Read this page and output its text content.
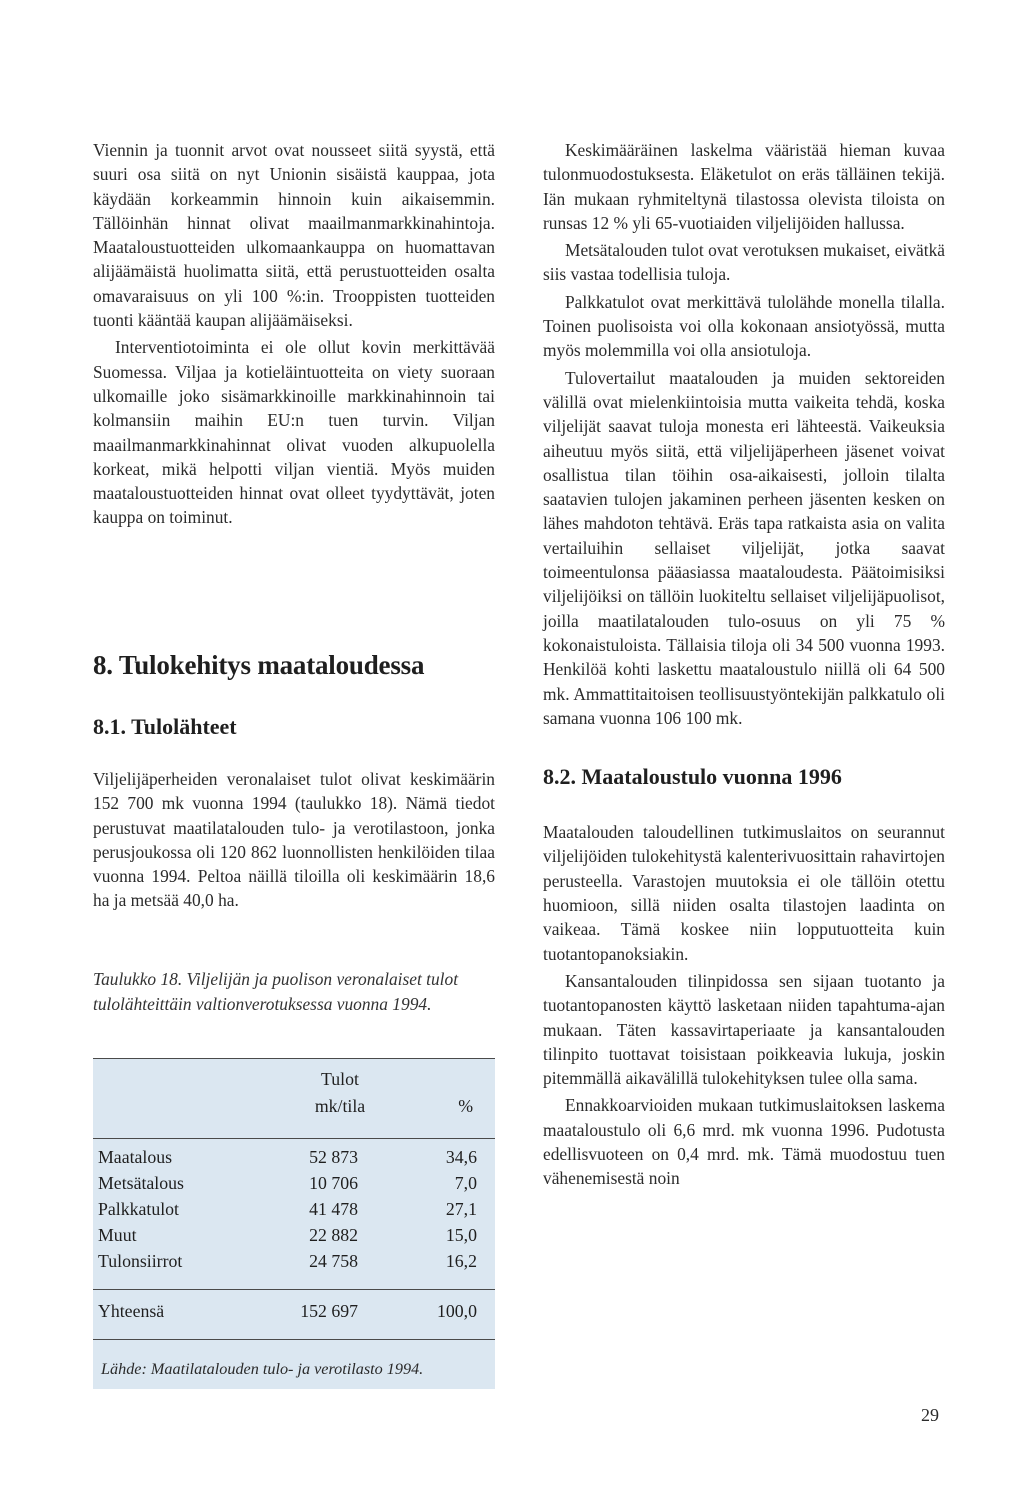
Viennin ja tuonnit arvot ovat nousseet siitä syystä, että suuri osa siitä on nyt Unionin sisäistä kauppaa, jota käydään korkeammin hinnoin kuin aikaisemmin. Tällöinhän hinnat olivat maailmanmarkkinahintoja. Maataloustuotteiden ulkomaankauppa on huomattavan alijäämäistä huolimatta siitä, että perustuotteiden osalta omavaraisuus on yli 100 %:in. Trooppisten tuotteiden tuonti kääntää kaupan alijäämäiseksi.

Interventiotoiminta ei ole ollut kovin merkittävää Suomessa. Viljaa ja kotieläintuotteita on viety suoraan ulkomaille joko sisämarkkinoille markkinahinnoin tai kolmansiin maihin EU:n tuen turvin. Viljan maailmanmarkkinahinnat olivat vuoden alkupuolella korkeat, mikä helpotti viljan vientiä. Myös muiden maataloustuotteiden hinnat ovat olleet tyydyttävät, joten kauppa on toiminut.

8. Tulokehitys maataloudessa
8.1. Tulolähteet

Viljelijäperheiden veronalaiset tulot olivat keskimäärin 152 700 mk vuonna 1994 (taulukko 18). Nämä tiedot perustuvat maatilatalouden tulo- ja verotilastoon, jonka perusjoukossa oli 120 862 luonnollisten henkilöiden tilaa vuonna 1994. Peltoa näillä tiloilla oli keskimäärin 18,6 ha ja metsää 40,0 ha.

Taulukko 18. Viljelijän ja puolison veronalaiset tulot tulolähteittäin valtionverotuksessa vuonna 1994.

Tulot
mk/tila	%
Maatalous	52 873	34,6
Metsätalous	10 706	7,0
Palkkatulot	41 478	27,1
Muut	22 882	15,0
Tulonsiirrot	24 758	16,2
Yhteensä	152 697	100,0
Lähde: Maatilatalouden tulo- ja verotilasto 1994.

Keskimääräinen laskelma vääristää hieman kuvaa tulonmuodostuksesta. Eläketulot on eräs tälläinen tekijä. Iän mukaan ryhmiteltynä tilastossa olevista tiloista on runsas 12 % yli 65-vuotiaiden viljelijöiden hallussa.

Metsätalouden tulot ovat verotuksen mukaiset, eivätkä siis vastaa todellisia tuloja.

Palkkatulot ovat merkittävä tulolähde monella tilalla. Toinen puolisoista voi olla kokonaan ansiotyössä, mutta myös molemmilla voi olla ansiotuloja.

Tulovertailut maatalouden ja muiden sektoreiden välillä ovat mielenkiintoisia mutta vaikeita tehdä, koska viljelijät saavat tuloja monesta eri lähteestä. Vaikeuksia aiheutuu myös siitä, että viljelijäperheen jäsenet voivat osallistua tilan töihin osa-aikaisesti, jolloin tilalta saatavien tulojen jakaminen perheen jäsenten kesken on lähes mahdoton tehtävä. Eräs tapa ratkaista asia on valita vertailuihin sellaiset viljelijät, jotka saavat toimeentulonsa pääasiassa maataloudesta. Päätoimisiksi viljelijöiksi on tällöin luokiteltu sellaiset viljelijäpuolisot, joilla maatilatalouden tulo-osuus on yli 75 % kokonaistuloista. Tällaisia tiloja oli 34 500 vuonna 1993. Henkilöä kohti laskettu maataloustulo niillä oli 64 500 mk. Ammattitaitoisen teollisuustyöntekijän palkkatulo oli samana vuonna 106 100 mk.

8.2. Maataloustulo vuonna 1996

Maatalouden taloudellinen tutkimuslaitos on seurannut viljelijöiden tulokehitystä kalenterivuosittain rahavirtojen perusteella. Varastojen muutoksia ei ole tällöin otettu huomioon, sillä niiden osalta tilastojen laadinta on vaikeaa. Tämä koskee niin lopputuotteita kuin tuotantopanoksiakin.

Kansantalouden tilinpidossa sen sijaan tuotanto ja tuotantopanosten käyttö lasketaan niiden tapahtuma-ajan mukaan. Täten kassavirtaperiaate ja kansantalouden tilinpito tuottavat toisistaan poikkeavia lukuja, joskin pitemmällä aikavälillä tulokehityksen tulee olla sama.

Ennakkoarvioiden mukaan tutkimuslaitoksen laskema maataloustulo oli 6,6 mrd. mk vuonna 1996. Pudotusta edellisvuoteen on 0,4 mrd. mk. Tämä muodostuu tuen vähenemisestä noin

29
